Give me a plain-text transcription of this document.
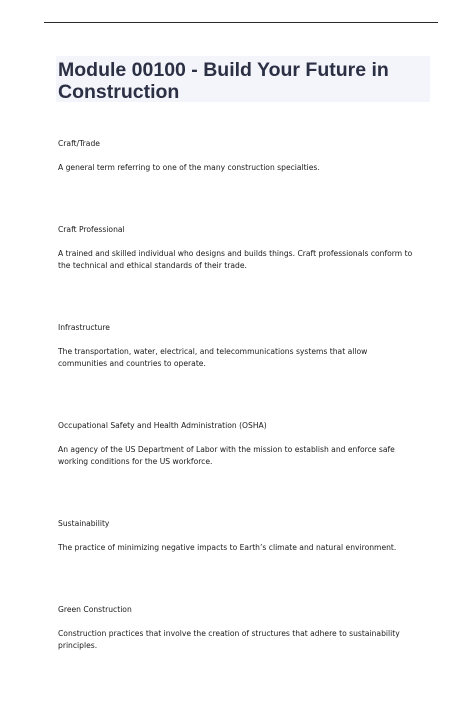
Module 00100 - Build Your Future in Construction

Craft/Trade

A general term referring to one of the many construction specialties.

Craft Professional

A trained and skilled individual who designs and builds things. Craft professionals conform to the technical and ethical standards of their trade.

Infrastructure

The transportation, water, electrical, and telecommunications systems that allow communities and countries to operate.

Occupational Safety and Health Administration (OSHA)

An agency of the US Department of Labor with the mission to establish and enforce safe working conditions for the US workforce.

Sustainability

The practice of minimizing negative impacts to Earth’s climate and natural environment.

Green Construction

Construction practices that involve the creation of structures that adhere to sustainability principles.
